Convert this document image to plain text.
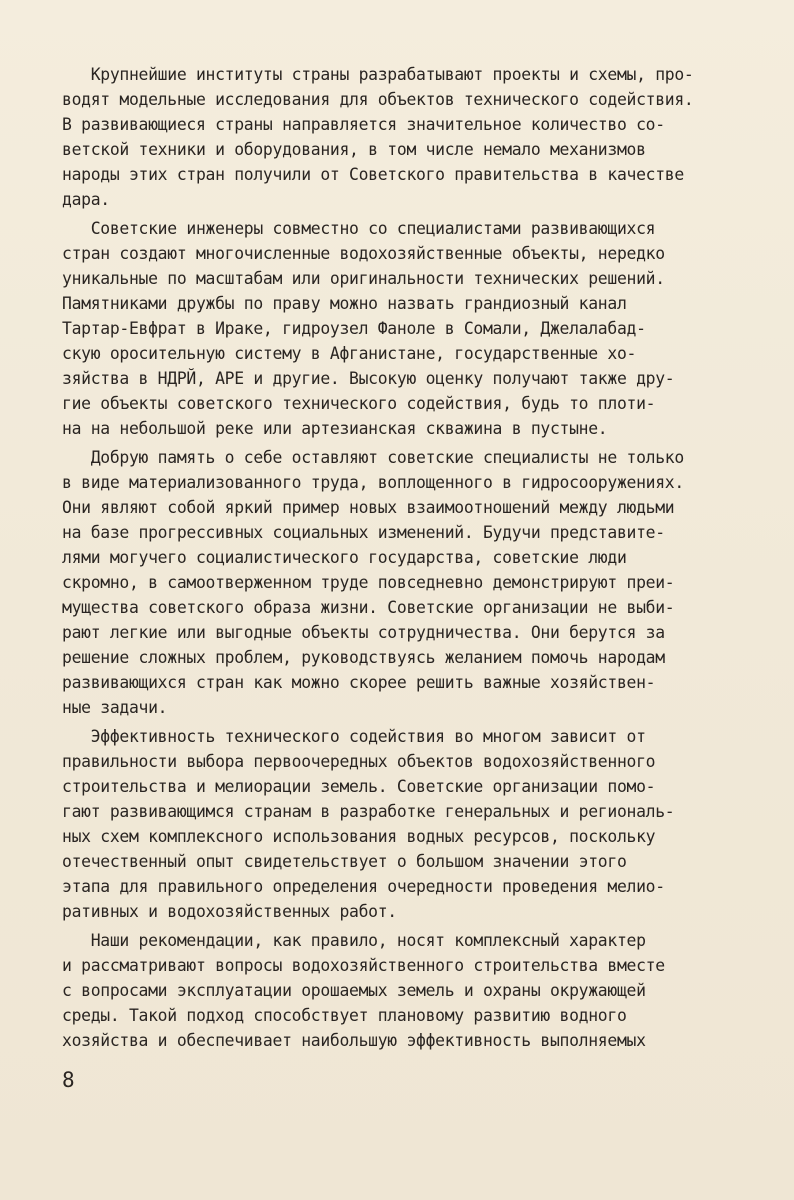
Крупнейшие институты страны разрабатывают проекты и схемы, про-
водят модельные исследования для объектов технического содействия.
В развивающиеся страны направляется значительное количество со-
ветской техники и оборудования, в том числе немало механизмов
народы этих стран получили от Советского правительства в качестве
дара.
Советские инженеры совместно со специалистами развивающихся
стран создают многочисленные водохозяйственные объекты, нередко
уникальные по масштабам или оригинальности технических решений.
Памятниками дружбы по праву можно назвать грандиозный канал
Тартар-Евфрат в Ираке, гидроузел Фаноле в Сомали, Джелалабад-
скую оросительную систему в Афганистане, государственные хо-
зяйства в НДРЙ, АРЕ и другие. Высокую оценку получают также дру-
гие объекты советского технического содействия, будь то плоти-
на на небольшой реке или артезианская скважина в пустыне.
Добрую память о себе оставляют советские специалисты не только
в виде материализованного труда, воплощенного в гидросооружениях.
Они являют собой яркий пример новых взаимоотношений между людьми
на базе прогрессивных социальных изменений. Будучи представите-
лями могучего социалистического государства, советские люди
скромно, в самоотверженном труде повседневно демонстрируют преи-
мущества советского образа жизни. Советские организации не выби-
рают легкие или выгодные объекты сотрудничества. Они берутся за
решение сложных проблем, руководствуясь желанием помочь народам
развивающихся стран как можно скорее решить важные хозяйствен-
ные задачи.
Эффективность технического содействия во многом зависит от
правильности выбора первоочередных объектов водохозяйственного
строительства и мелиорации земель. Советские организации помо-
гают развивающимся странам в разработке генеральных и региональ-
ных схем комплексного использования водных ресурсов, поскольку
отечественный опыт свидетельствует о большом значении этого
этапа для правильного определения очередности проведения мелио-
ративных и водохозяйственных работ.
Наши рекомендации, как правило, носят комплексный характер
и рассматривают вопросы водохозяйственного строительства вместе
с вопросами эксплуатации орошаемых земель и охраны окружающей
среды. Такой подход способствует плановому развитию водного
хозяйства и обеспечивает наибольшую эффективность выполняемых
8
